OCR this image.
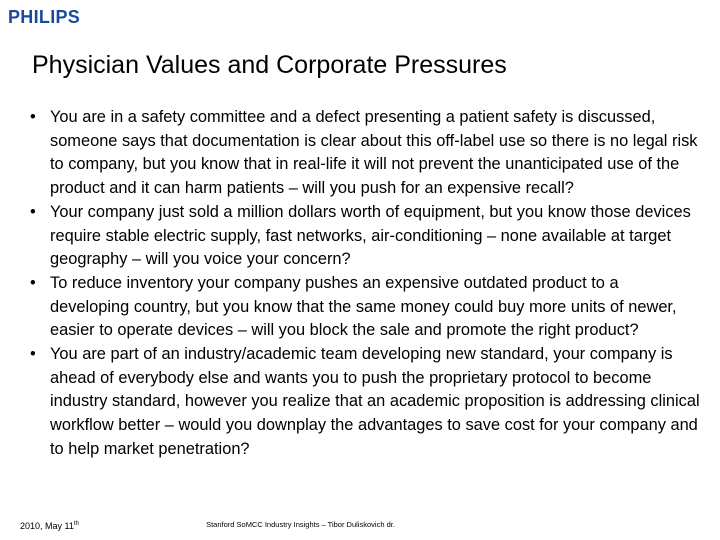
PHILIPS
Physician Values and Corporate Pressures
• You are in a safety committee and a defect presenting a patient safety is discussed, someone says that documentation is clear about this off-label use so there is no legal risk to company, but you know that in real-life it will not prevent the unanticipated use of the product and it can harm patients – will you push for an expensive recall?
• Your company just sold a million dollars worth of equipment, but you know those devices require stable electric supply, fast networks, air-conditioning – none available at target geography – will you voice your concern?
• To reduce inventory your company pushes an expensive outdated product to a developing country, but you know that the same money could buy more units of newer, easier to operate devices – will you block the sale and promote the right product?
• You are part of an industry/academic team developing new standard, your company is ahead of everybody else and wants you to push the proprietary protocol to become industry standard, however you realize that an academic proposition is addressing clinical workflow better – would you downplay the advantages to save cost for your company and to help market penetration?
2010, May 11th	Stanford SoMCC Industry Insights – Tibor Duliskovich dr.
